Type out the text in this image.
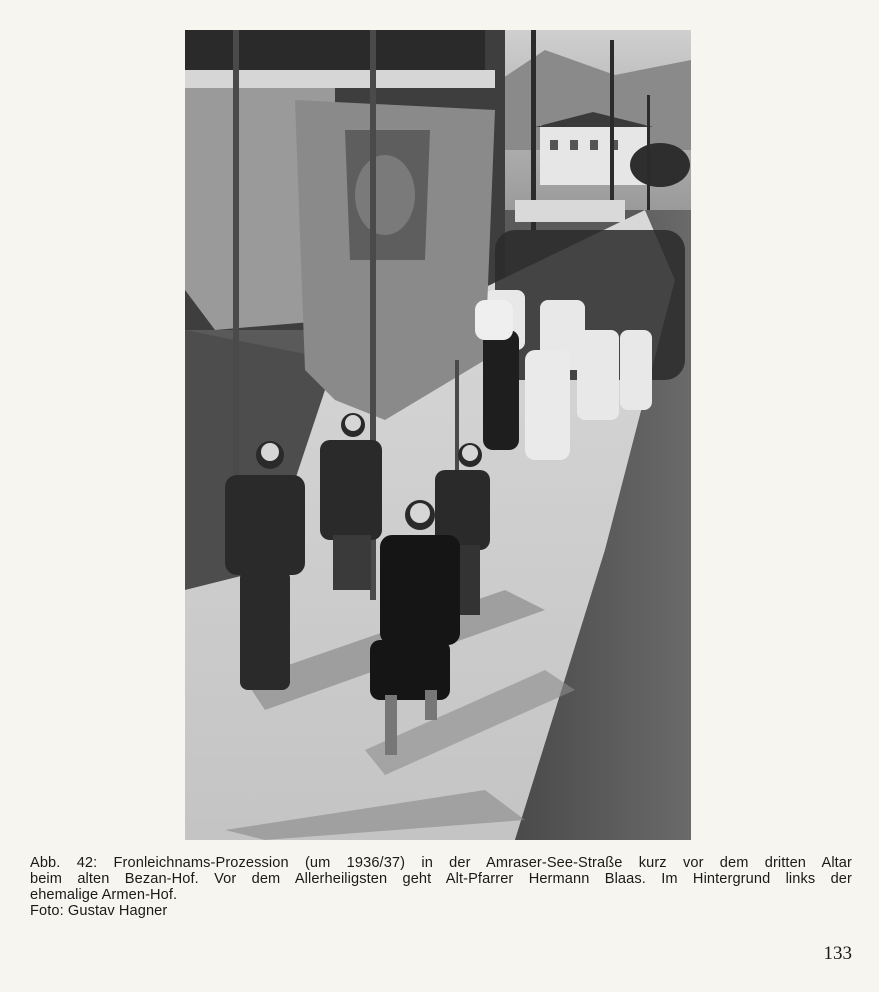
Abb. 42: Fronleichnams-Prozession (um 1936/37) in der Amraser-See-Straße kurz vor dem dritten Altar
beim alten Bezan-Hof. Vor dem Allerheiligsten geht Alt-Pfarrer Hermann Blaas. Im Hintergrund links der
ehemalige Armen-Hof.
Foto: Gustav Hagner
133
